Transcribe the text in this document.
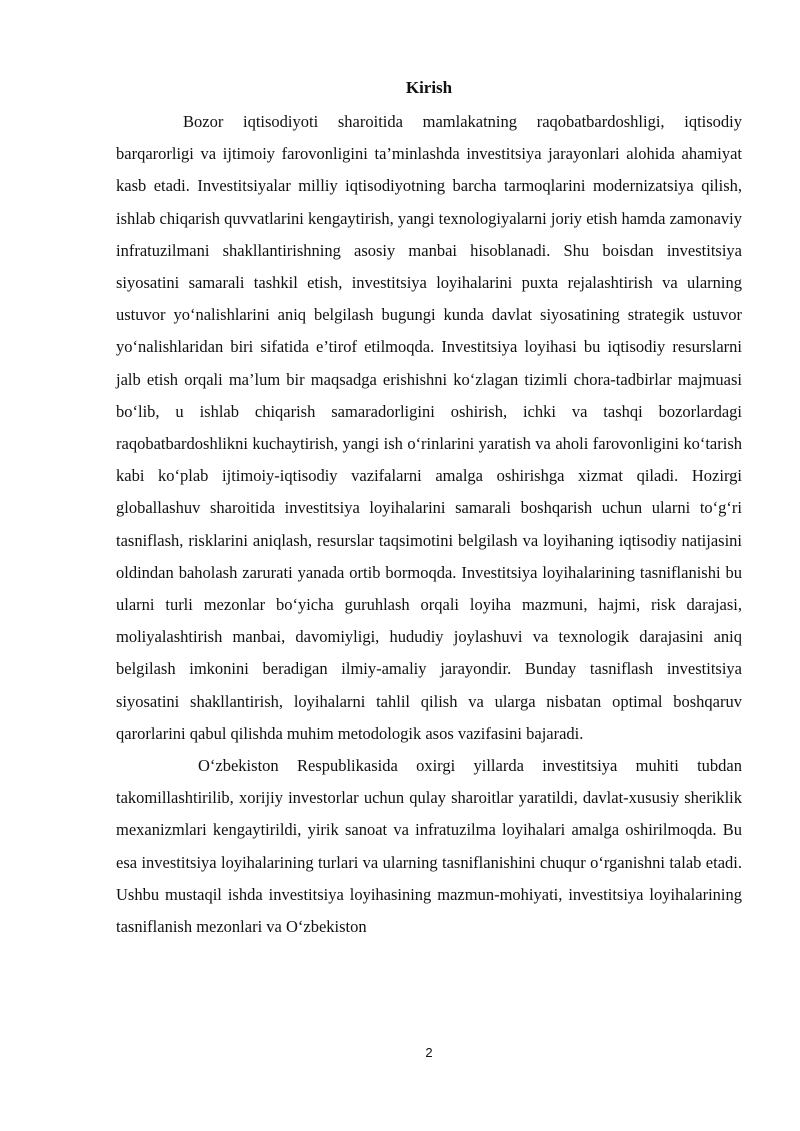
Kirish

Bozor iqtisodiyoti sharoitida mamlakatning raqobatbardoshligi, iqtisodiy barqarorligi va ijtimoiy farovonligini ta’minlashda investitsiya jarayonlari alohida ahamiyat kasb etadi. Investitsiyalar milliy iqtisodiyotning barcha tarmoqlarini modernizatsiya qilish, ishlab chiqarish quvvatlarini kengaytirish, yangi texnologiyalarni joriy etish hamda zamonaviy infratuzilmani shakllantirishning asosiy manbai hisoblanadi. Shu boisdan investitsiya siyosatini samarali tashkil etish, investitsiya loyihalarini puxta rejalashtirish va ularning ustuvor yo‘nalishlarini aniq belgilash bugungi kunda davlat siyosatining strategik ustuvor yo‘nalishlaridan biri sifatida e’tirof etilmoqda. Investitsiya loyihasi bu iqtisodiy resurslarni jalb etish orqali ma’lum bir maqsadga erishishni ko‘zlagan tizimli chora-tadbirlar majmuasi bo‘lib, u ishlab chiqarish samaradorligini oshirish, ichki va tashqi bozorlardagi raqobatbardoshlikni kuchaytirish, yangi ish o‘rinlarini yaratish va aholi farovonligini ko‘tarish kabi ko‘plab ijtimoiy-iqtisodiy vazifalarni amalga oshirishga xizmat qiladi. Hozirgi globallashuv sharoitida investitsiya loyihalarini samarali boshqarish uchun ularni to‘g‘ri tasniflash, risklarini aniqlash, resurslar taqsimotini belgilash va loyihaning iqtisodiy natijasini oldindan baholash zarurati yanada ortib bormoqda. Investitsiya loyihalarining tasniflanishi bu ularni turli mezonlar bo‘yicha guruhlash orqali loyiha mazmuni, hajmi, risk darajasi, moliyalashtirish manbai, davomiyligi, hududiy joylashuvi va texnologik darajasini aniq belgilash imkonini beradigan ilmiy-amaliy jarayondir. Bunday tasniflash investitsiya siyosatini shakllantirish, loyihalarni tahlil qilish va ularga nisbatan optimal boshqaruv qarorlarini qabul qilishda muhim metodologik asos vazifasini bajaradi.

O‘zbekiston Respublikasida oxirgi yillarda investitsiya muhiti tubdan takomillashtirilib, xorijiy investorlar uchun qulay sharoitlar yaratildi, davlat-xususiy sheriklik mexanizmlari kengaytirildi, yirik sanoat va infratuzilma loyihalari amalga oshirilmoqda. Bu esa investitsiya loyihalarining turlari va ularning tasniflanishini chuqur o‘rganishni talab etadi. Ushbu mustaqil ishda investitsiya loyihasining mazmun-mohiyati, investitsiya loyihalarining tasniflanish mezonlari va O‘zbekiston

2
